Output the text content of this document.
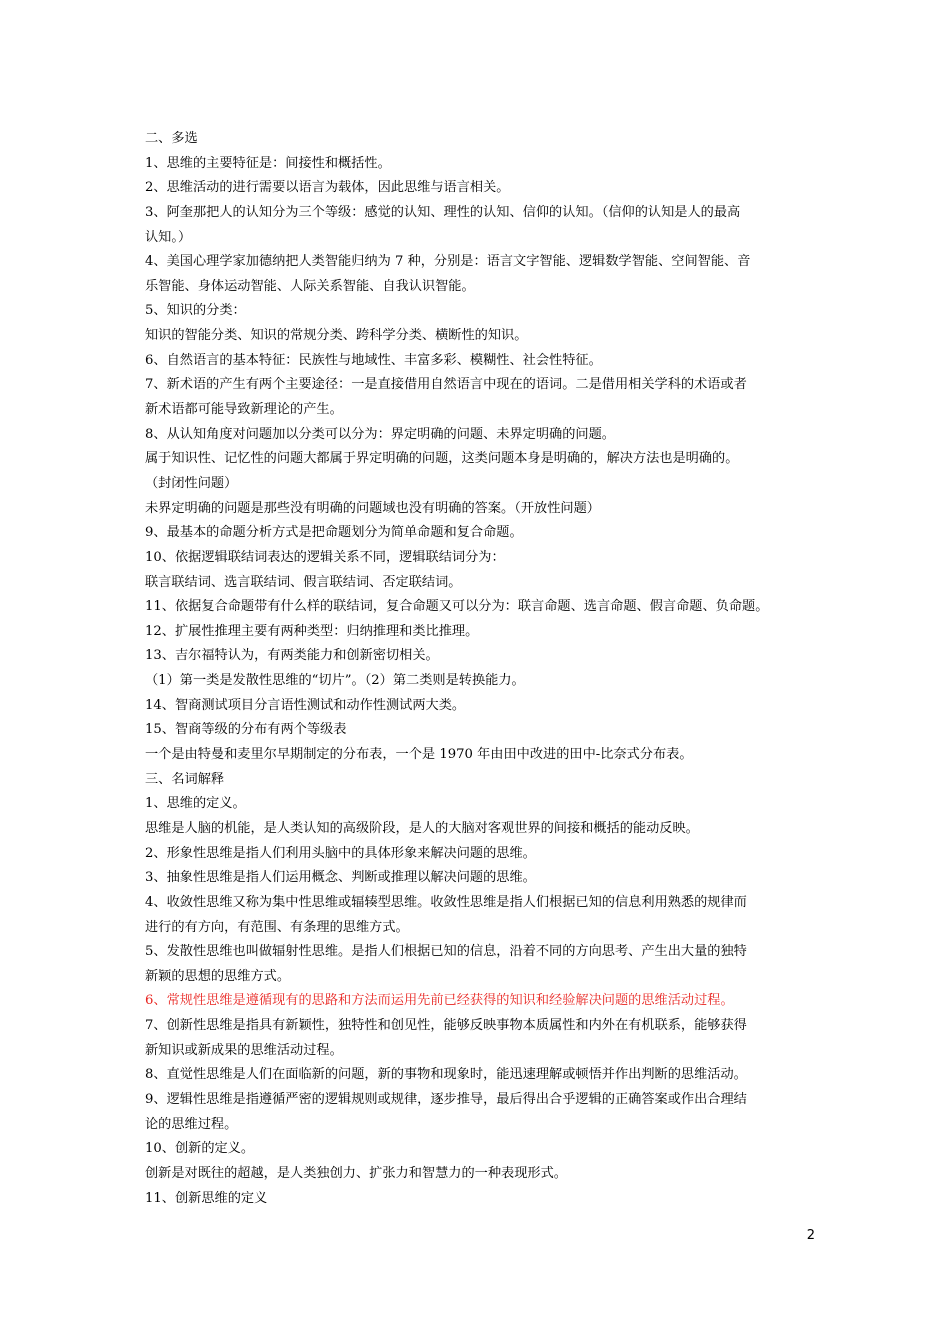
二、多选
1、思维的主要特征是：间接性和概括性。
2、思维活动的进行需要以语言为载体，因此思维与语言相关。
3、阿奎那把人的认知分为三个等级：感觉的认知、理性的认知、信仰的认知。（信仰的认知是人的最高
认知。）
4、美国心理学家加德纳把人类智能归纳为 7 种，分别是：语言文字智能、逻辑数学智能、空间智能、音
乐智能、身体运动智能、人际关系智能、自我认识智能。
5、知识的分类：
知识的智能分类、知识的常规分类、跨科学分类、横断性的知识。
6、自然语言的基本特征：民族性与地域性、丰富多彩、模糊性、社会性特征。
7、新术语的产生有两个主要途径：一是直接借用自然语言中现在的语词。二是借用相关学科的术语或者
新术语都可能导致新理论的产生。
8、从认知角度对问题加以分类可以分为：界定明确的问题、未界定明确的问题。
属于知识性、记忆性的问题大都属于界定明确的问题，这类问题本身是明确的，解决方法也是明确的。
（封闭性问题）
未界定明确的问题是那些没有明确的问题域也没有明确的答案。（开放性问题）
9、最基本的命题分析方式是把命题划分为简单命题和复合命题。
10、依据逻辑联结词表达的逻辑关系不同，逻辑联结词分为：
联言联结词、选言联结词、假言联结词、否定联结词。
11、依据复合命题带有什么样的联结词，复合命题又可以分为：联言命题、选言命题、假言命题、负命题。
12、扩展性推理主要有两种类型：归纳推理和类比推理。
13、吉尔福特认为，有两类能力和创新密切相关。
（1）第一类是发散性思维的“切片”。（2）第二类则是转换能力。
14、智商测试项目分言语性测试和动作性测试两大类。
15、智商等级的分布有两个等级表
一个是由特曼和麦里尔早期制定的分布表，一个是 1970 年由田中改进的田中-比奈式分布表。
三、名词解释
1、思维的定义。
思维是人脑的机能，是人类认知的高级阶段，是人的大脑对客观世界的间接和概括的能动反映。
2、形象性思维是指人们利用头脑中的具体形象来解决问题的思维。
3、抽象性思维是指人们运用概念、判断或推理以解决问题的思维。
4、收敛性思维又称为集中性思维或辐辏型思维。收敛性思维是指人们根据已知的信息利用熟悉的规律而
进行的有方向，有范围、有条理的思维方式。
5、发散性思维也叫做辐射性思维。是指人们根据已知的信息，沿着不同的方向思考、产生出大量的独特
新颖的思想的思维方式。
6、常规性思维是遵循现有的思路和方法而运用先前已经获得的知识和经验解决问题的思维活动过程。
7、创新性思维是指具有新颖性，独特性和创见性，能够反映事物本质属性和内外在有机联系，能够获得
新知识或新成果的思维活动过程。
8、直觉性思维是人们在面临新的问题，新的事物和现象时，能迅速理解或顿悟并作出判断的思维活动。
9、逻辑性思维是指遵循严密的逻辑规则或规律，逐步推导，最后得出合乎逻辑的正确答案或作出合理结
论的思维过程。
10、创新的定义。
创新是对既往的超越，是人类独创力、扩张力和智慧力的一种表现形式。
11、创新思维的定义
2
